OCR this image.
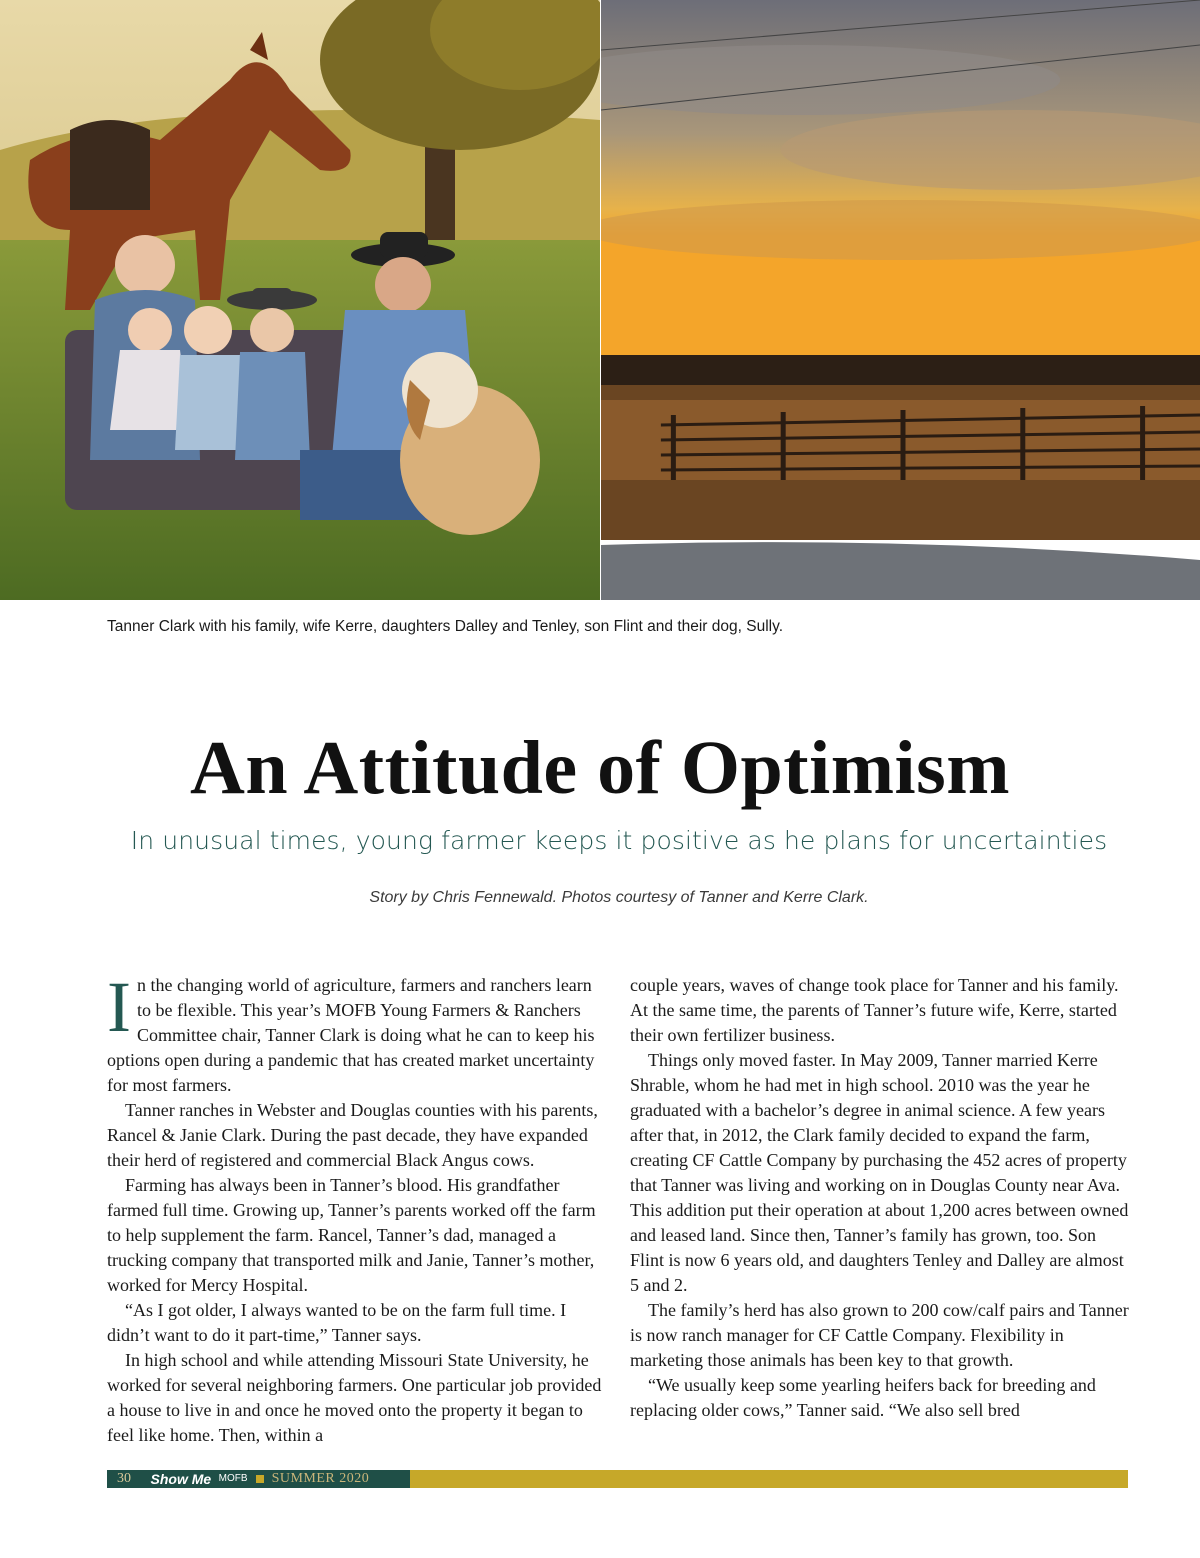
Tanner Clark with his family, wife Kerre, daughters Dalley and Tenley, son Flint and their dog, Sully.
An Attitude of Optimism
In unusual times, young farmer keeps it positive as he plans for uncertainties
Story by Chris Fennewald. Photos courtesy of Tanner and Kerre Clark.

In the changing world of agriculture, farmers and ranchers learn to be flexible. This year’s MOFB Young Farmers & Ranchers Committee chair, Tanner Clark is doing what he can to keep his options open during a pandemic that has created market uncertainty for most farmers.

Tanner ranches in Webster and Douglas counties with his parents, Rancel & Janie Clark. During the past decade, they have expanded their herd of registered and commercial Black Angus cows.

Farming has always been in Tanner’s blood. His grandfather farmed full time. Growing up, Tanner’s parents worked off the farm to help supplement the farm. Rancel, Tanner’s dad, managed a trucking company that transported milk and Janie, Tanner’s mother, worked for Mercy Hospital.

“As I got older, I always wanted to be on the farm full time. I didn’t want to do it part-time,” Tanner says.

In high school and while attending Missouri State University, he worked for several neighboring farmers. One particular job provided a house to live in and once he moved onto the property it began to feel like home. Then, within a

couple years, waves of change took place for Tanner and his family. At the same time, the parents of Tanner’s future wife, Kerre, started their own fertilizer business.

Things only moved faster. In May 2009, Tanner married Kerre Shrable, whom he had met in high school. 2010 was the year he graduated with a bachelor’s degree in animal science. A few years after that, in 2012, the Clark family decided to expand the farm, creating CF Cattle Company by purchasing the 452 acres of property that Tanner was living and working on in Douglas County near Ava. This addition put their operation at about 1,200 acres between owned and leased land. Since then, Tanner’s family has grown, too. Son Flint is now 6 years old, and daughters Tenley and Dalley are almost 5 and 2.

The family’s herd has also grown to 200 cow/calf pairs and Tanner is now ranch manager for CF Cattle Company. Flexibility in marketing those animals has been key to that growth.

“We usually keep some yearling heifers back for breeding and replacing older cows,” Tanner said. “We also sell bred

30 Show Me MOFB SUMMER 2020
